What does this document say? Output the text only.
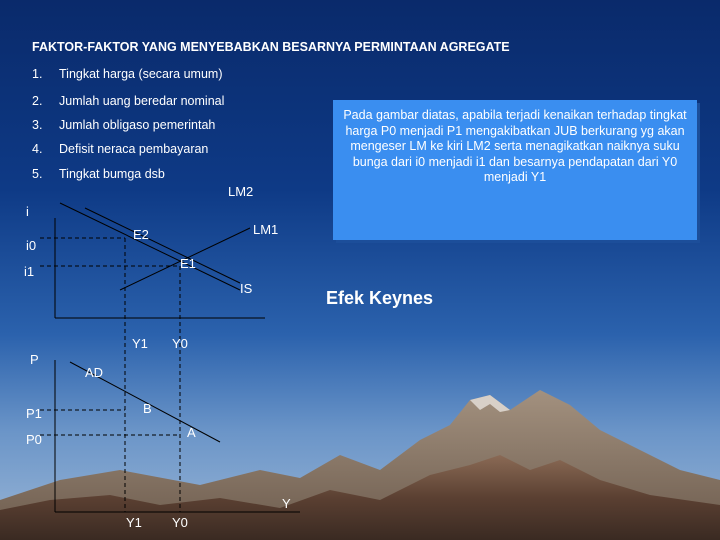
FAKTOR-FAKTOR YANG MENYEBABKAN BESARNYA PERMINTAAN AGREGATE
1. Tingkat harga (secara umum)
2. Jumlah uang beredar nominal
3. Jumlah obligaso pemerintah
4. Defisit neraca pembayaran
5. Tingkat bumga dsb
Pada gambar diatas, apabila terjadi kenaikan terhadap tingkat harga P0 menjadi P1 mengakibatkan JUB berkurang yg akan mengeser LM ke kiri LM2 serta menagikatkan naiknya suku bunga dari i0 menjadi i1 dan besarnya pendapatan dari Y0 menjadi Y1
Efek Keynes
i
LM2
LM1
E2
i0
E1
i1
IS
Y1 Y0
P
AD
B
P1
A
P0
Y
Y1 Y0
